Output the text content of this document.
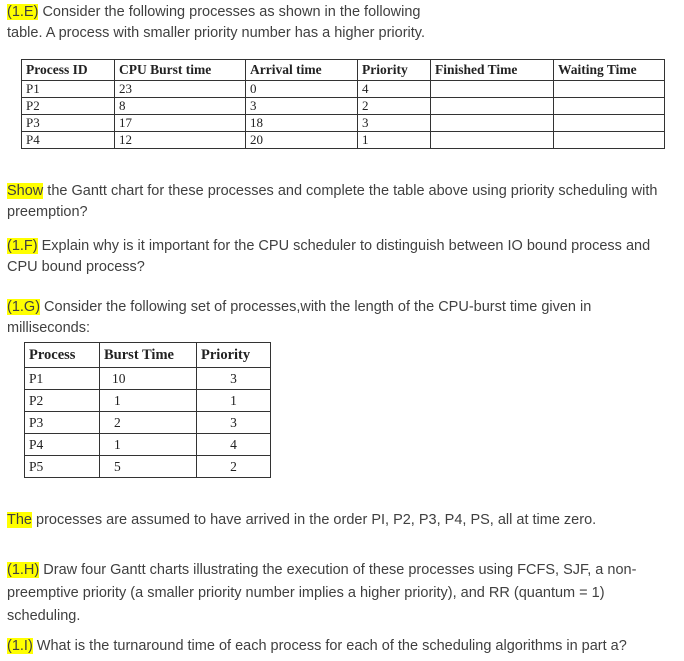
(1.E) Consider the following processes as shown in the following
table. A process with smaller priority number has a higher priority.
Process ID	CPU Burst time	Arrival time	Priority	Finished Time	Waiting Time
P1	23	0	4		
P2	8	3	2		
P3	17	18	3		
P4	12	20	1		
Show the Gantt chart for these processes and complete the table above using priority scheduling with preemption?
(1.F) Explain why is it important for the CPU scheduler to distinguish between IO bound process and CPU bound process?
(1.G) Consider the following set of processes,with the length of the CPU-burst time given in milliseconds:
Process	Burst Time	Priority
P1	10	3
P2	1	1
P3	2	3
P4	1	4
P5	5	2
The processes are assumed to have arrived in the order PI, P2, P3, P4, PS, all at time zero.
(1.H) Draw four Gantt charts illustrating the execution of these processes using FCFS, SJF, a non-preemptive priority (a smaller priority number implies a higher priority), and RR (quantum = 1) scheduling.
(1.I) What is the turnaround time of each process for each of the scheduling algorithms in part a?
